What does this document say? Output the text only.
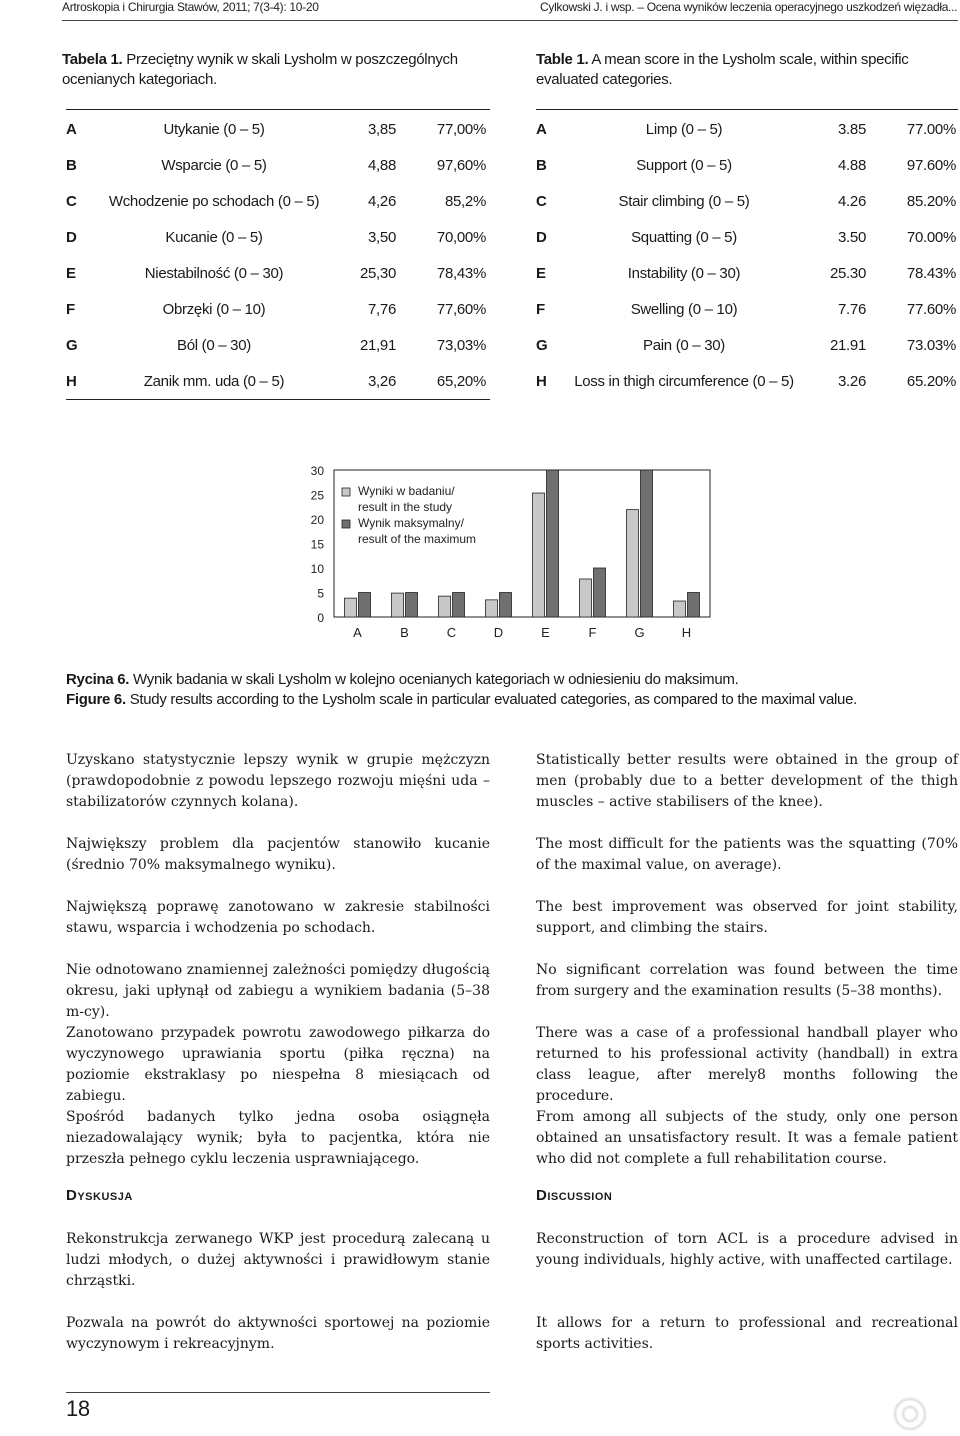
Artroskopia i Chirurgia Stawów, 2011; 7(3-4): 10-20	Cylkowski J. i wsp. – Ocena wyników leczenia operacyjnego uszkodzeń więzadła...
Tabela 1. Przeciętny wynik w skali Lysholm w poszczególnych ocenianych kategoriach.
A	Utykanie (0 – 5)	3,85	77,00%
B	Wsparcie (0 – 5)	4,88	97,60%
C	Wchodzenie po schodach (0 – 5)	4,26	85,2%
D	Kucanie (0 – 5)	3,50	70,00%
E	Niestabilność (0 – 30)	25,30	78,43%
F	Obrzęki (0 – 10)	7,76	77,60%
G	Ból (0 – 30)	21,91	73,03%
H	Zanik mm. uda (0 – 5)	3,26	65,20%
Table 1. A mean score in the Lysholm scale, within specific evaluated categories.
A	Limp (0 – 5)	3.85	77.00%
B	Support (0 – 5)	4.88	97.60%
C	Stair climbing (0 – 5)	4.26	85.20%
D	Squatting (0 – 5)	3.50	70.00%
E	Instability (0 – 30)	25.30	78.43%
F	Swelling (0 – 10)	7.76	77.60%
G	Pain (0 – 30)	21.91	73.03%
H	Loss in thigh circumference (0 – 5)	3.26	65.20%
30
25
20
15
10
5
0
A	B	C	D	E	F	G	H
Wyniki w badaniu/
result in the study
Wynik maksymalny/
result of the maximum
Rycina 6. Wynik badania w skali Lysholm w kolejno ocenianych kategoriach w odniesieniu do maksimum.
Figure 6. Study results according to the Lysholm scale in particular evaluated categories, as compared to the maximal value.

Uzyskano statystycznie lepszy wynik w grupie mężczyzn (prawdopodobnie z powodu lepszego rozwoju mięśni uda – stabilizatorów czynnych kolana).

Największy problem dla pacjentów stanowiło kucanie (średnio 70% maksymalnego wyniku).

Największą poprawę zanotowano w zakresie stabilności stawu, wsparcia i wchodzenia po schodach.

Nie odnotowano znamiennej zależności pomiędzy długością okresu, jaki upłynął od zabiegu a wynikiem badania (5–38 m-cy).

Zanotowano przypadek powrotu zawodowego piłkarza do wyczynowego uprawiania sportu (piłka ręczna) na poziomie ekstraklasy po niespełna 8 miesiącach od zabiegu.

Spośród badanych tylko jedna osoba osiągnęła niezadowalający wynik; była to pacjentka, która nie przeszła pełnego cyklu leczenia usprawniającego.

Dyskusja

Rekonstrukcja zerwanego WKP jest procedurą zalecaną u ludzi młodych, o dużej aktywności i prawidłowym stanie chrząstki.

Pozwala na powrót do aktywności sportowej na poziomie wyczynowym i rekreacyjnym.

Statistically better results were obtained in the group of men (probably due to a better development of the thigh muscles – active stabilisers of the knee).

The most difficult for the patients was the squatting (70% of the maximal value, on average).

The best improvement was observed for joint stability, support, and climbing the stairs.

No significant correlation was found between the time from surgery and the examination results (5–38 months).

There was a case of a professional handball player who returned to his professional activity (handball) in extra class league, after merely8 months following the procedure.

From among all subjects of the study, only one person obtained an unsatisfactory result. It was a female patient who did not complete a full rehabilitation course.

Discussion

Reconstruction of torn ACL is a procedure advised in young individuals, highly active, with unaffected cartilage.

It allows for a return to professional and recreational sports activities.

18
